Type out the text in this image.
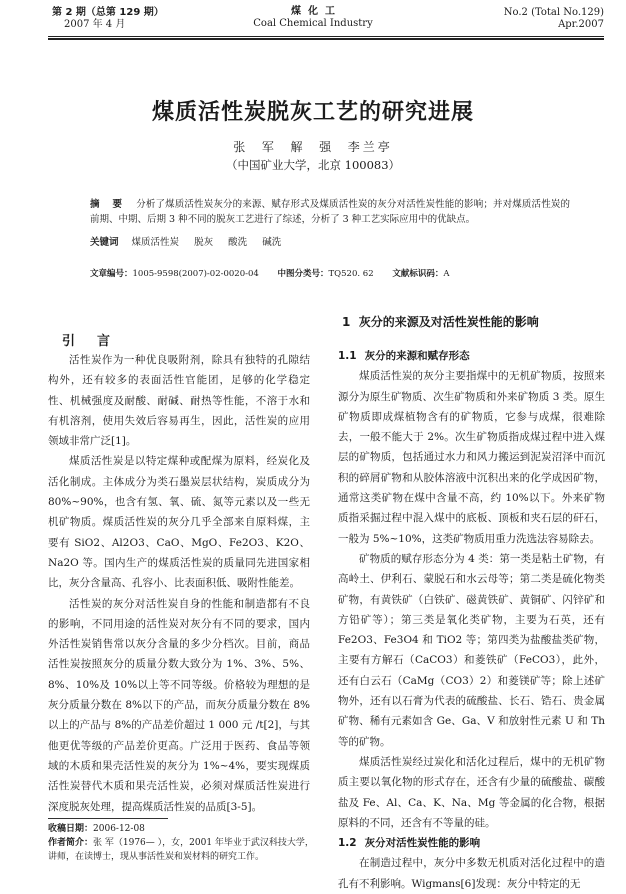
第 2 期（总第 129 期）
2007 年 4 月
煤  化  工
Coal Chemical Industry
No.2 (Total No.129)
Apr.2007
煤质活性炭脱灰工艺的研究进展
张  军  解  强  李兰亭
（中国矿业大学，北京 100083）
摘  要 分析了煤质活性炭灰分的来源、赋存形式及煤质活性炭的灰分对活性炭性能的影响；并对煤质活性炭的前期、中期、后期 3 种不同的脱灰工艺进行了综述，分析了 3 种工艺实际应用中的优缺点。
关键词 煤质活性炭 脱灰 酸洗 碱洗
文章编号：1005-9598(2007)-02-0020-04 中图分类号：TQ520. 62 文献标识码：A
引言

活性炭作为一种优良吸附剂，除具有独特的孔隙结构外，还有较多的表面活性官能团，足够的化学稳定性、机械强度及耐酸、耐碱、耐热等性能，不溶于水和有机溶剂，使用失效后容易再生，因此，活性炭的应用领域非常广泛[1]。

煤质活性炭是以特定煤种或配煤为原料，经炭化及活化制成。主体成分为类石墨炭层状结构，炭质成分为 80%~90%，也含有氢、氧、硫、氮等元素以及一些无机矿物质。煤质活性炭的灰分几乎全部来自原料煤，主要有 SiO2、Al2O3、CaO、MgO、Fe2O3、K2O、Na2O 等。国内生产的煤质活性炭的质量同先进国家相比，灰分含量高、孔容小、比表面积低、吸附性能差。

活性炭的灰分对活性炭自身的性能和制造都有不良的影响，不同用途的活性炭对灰分有不同的要求，国内外活性炭销售常以灰分含量的多少分档次。目前，商品活性炭按照灰分的质量分数大致分为 1%、3%、5%、8%、10%及 10%以上等不同等级。价格较为理想的是灰分质量分数在 8%以下的产品，而灰分质量分数在 8%以上的产品与 8%的产品差价超过 1 000 元 /t[2]，与其他更优等级的产品差价更高。广泛用于医药、食品等领域的木质和果壳活性炭的灰分为 1%~4%，要实现煤质活性炭替代木质和果壳活性炭，必须对煤质活性炭进行深度脱灰处理，提高煤质活性炭的品质[3-5]。

收稿日期：2006-12-08
作者简介：张 军（1976— ），女，2001 年毕业于武汉科技大学，讲师，在读博士，现从事活性炭和炭材料的研究工作。
1  灰分的来源及对活性炭性能的影响
1.1 灰分的来源和赋存形态

煤质活性炭的灰分主要指煤中的无机矿物质，按照来源分为原生矿物质、次生矿物质和外来矿物质 3 类。原生矿物质即成煤植物含有的矿物质，它参与成煤，很难除去，一般不能大于 2%。次生矿物质指成煤过程中进入煤层的矿物质，包括通过水力和风力搬运到泥炭沼泽中而沉积的碎屑矿物和从胶体溶液中沉积出来的化学成因矿物，通常这类矿物在煤中含量不高，约 10%以下。外来矿物质指采掘过程中混入煤中的底板、顶板和夹石层的矸石，一般为 5%~10%，这类矿物质用重力洗选法容易除去。

矿物质的赋存形态分为 4 类：第一类是粘土矿物，有高岭土、伊利石、蒙脱石和水云母等；第二类是硫化物类矿物，有黄铁矿（白铁矿、磁黄铁矿、黄铜矿、闪锌矿和方铅矿等）；第三类是氧化类矿物，主要为石英，还有 Fe2O3、Fe3O4 和 TiO2 等；第四类为盐酸盐类矿物，主要有方解石（CaCO3）和菱铁矿（FeCO3），此外，还有白云石（CaMg（CO3）2）和菱镁矿等；除上述矿物外，还有以石膏为代表的硫酸盐、长石、锆石、贵金属矿物、稀有元素如含 Ge、Ga、V 和放射性元素 U 和 Th 等的矿物。

煤质活性炭经过炭化和活化过程后，煤中的无机矿物质主要以氧化物的形式存在，还含有少量的硫酸盐、碳酸盐及 Fe、Al、Ca、K、Na、Mg 等金属的化合物，根据原料的不同，还含有不等量的硅。

1.2 灰分对活性炭性能的影响

在制造过程中，灰分中多数无机质对活化过程中的造孔有不利影响。Wigmans[6]发现：灰分中特定的无
